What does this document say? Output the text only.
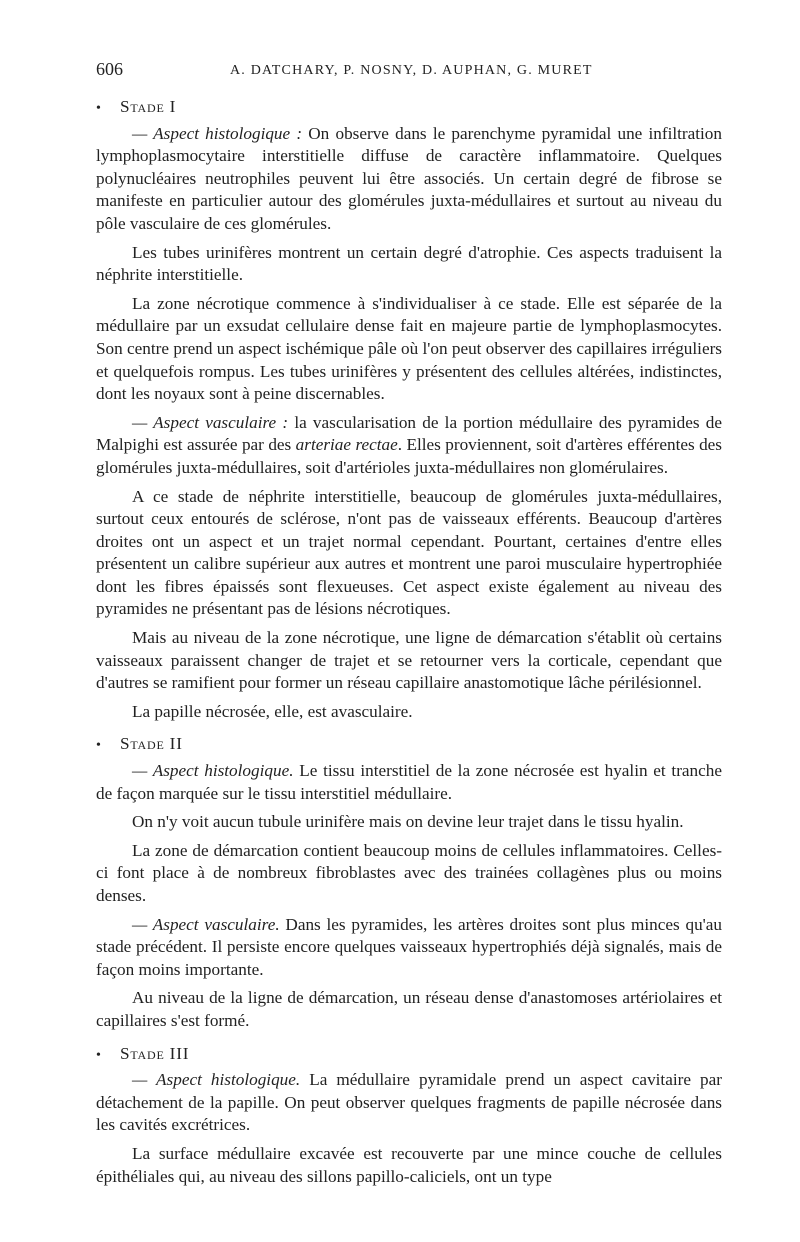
606	A. DATCHARY, P. NOSNY, D. AUPHAN, G. MURET
•	Stade I

— Aspect histologique : On observe dans le parenchyme pyramidal une infiltration lymphoplasmocytaire interstitielle diffuse de caractère inflammatoire. Quelques polynucléaires neutrophiles peuvent lui être associés. Un certain degré de fibrose se manifeste en particulier autour des glomérules juxta-médullaires et surtout au niveau du pôle vasculaire de ces glomérules.

Les tubes urinifères montrent un certain degré d'atrophie. Ces aspects traduisent la néphrite interstitielle.

La zone nécrotique commence à s'individualiser à ce stade. Elle est séparée de la médullaire par un exsudat cellulaire dense fait en majeure partie de lymphoplasmocytes. Son centre prend un aspect ischémique pâle où l'on peut observer des capillaires irréguliers et quelquefois rompus. Les tubes urinifères y présentent des cellules altérées, indistinctes, dont les noyaux sont à peine discernables.

— Aspect vasculaire : la vascularisation de la portion médullaire des pyramides de Malpighi est assurée par des arteriae rectae. Elles proviennent, soit d'artères efférentes des glomérules juxta-médullaires, soit d'artérioles juxta-médullaires non glomérulaires.

A ce stade de néphrite interstitielle, beaucoup de glomérules juxta-médullaires, surtout ceux entourés de sclérose, n'ont pas de vaisseaux efférents. Beaucoup d'artères droites ont un aspect et un trajet normal cependant. Pourtant, certaines d'entre elles présentent un calibre supérieur aux autres et montrent une paroi musculaire hypertrophiée dont les fibres épaissés sont flexueuses. Cet aspect existe également au niveau des pyramides ne présentant pas de lésions nécrotiques.

Mais au niveau de la zone nécrotique, une ligne de démarcation s'établit où certains vaisseaux paraissent changer de trajet et se retourner vers la corticale, cependant que d'autres se ramifient pour former un réseau capillaire anastomotique lâche périlésionnel.

La papille nécrosée, elle, est avasculaire.

•	Stade II

— Aspect histologique. Le tissu interstitiel de la zone nécrosée est hyalin et tranche de façon marquée sur le tissu interstitiel médullaire.

On n'y voit aucun tubule urinifère mais on devine leur trajet dans le tissu hyalin.

La zone de démarcation contient beaucoup moins de cellules inflammatoires. Celles-ci font place à de nombreux fibroblastes avec des trainées collagènes plus ou moins denses.

— Aspect vasculaire. Dans les pyramides, les artères droites sont plus minces qu'au stade précédent. Il persiste encore quelques vaisseaux hypertrophiés déjà signalés, mais de façon moins importante.

Au niveau de la ligne de démarcation, un réseau dense d'anastomoses artériolaires et capillaires s'est formé.

•	Stade III

— Aspect histologique. La médullaire pyramidale prend un aspect cavitaire par détachement de la papille. On peut observer quelques fragments de papille nécrosée dans les cavités excrétrices.

La surface médullaire excavée est recouverte par une mince couche de cellules épithéliales qui, au niveau des sillons papillo-caliciels, ont un type
